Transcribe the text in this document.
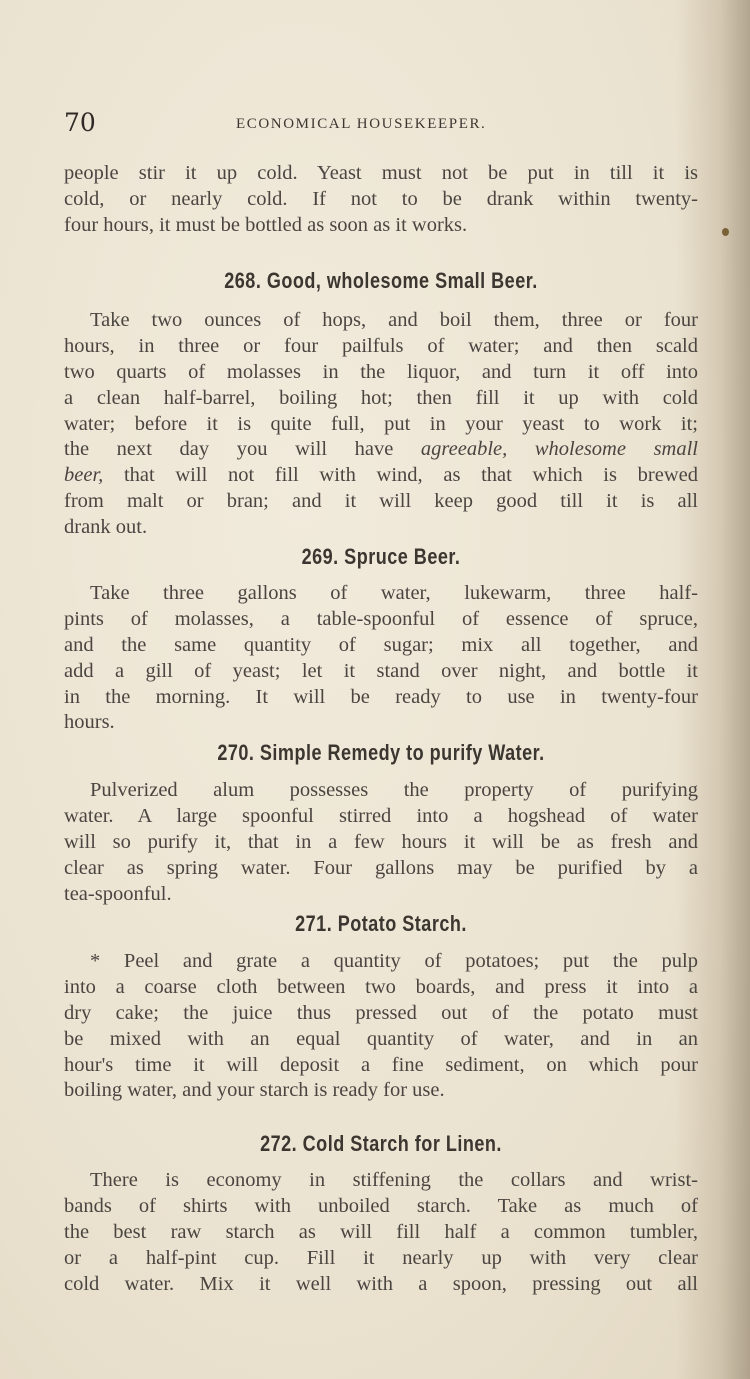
70	ECONOMICAL HOUSEKEEPER.
people stir it up cold. Yeast must not be put in till it is
cold, or nearly cold. If not to be drank within twenty-
four hours, it must be bottled as soon as it works.
268. Good, wholesome Small Beer.
Take two ounces of hops, and boil them, three or four
hours, in three or four pailfuls of water; and then scald
two quarts of molasses in the liquor, and turn it off into
a clean half-barrel, boiling hot; then fill it up with cold
water; before it is quite full, put in your yeast to work it;
the next day you will have agreeable, wholesome small
beer, that will not fill with wind, as that which is brewed
from malt or bran; and it will keep good till it is all
drank out.
269. Spruce Beer.
Take three gallons of water, lukewarm, three half-
pints of molasses, a table-spoonful of essence of spruce,
and the same quantity of sugar; mix all together, and
add a gill of yeast; let it stand over night, and bottle it
in the morning. It will be ready to use in twenty-four
hours.
270. Simple Remedy to purify Water.
Pulverized alum possesses the property of purifying
water. A large spoonful stirred into a hogshead of water
will so purify it, that in a few hours it will be as fresh and
clear as spring water. Four gallons may be purified by a
tea-spoonful.
271. Potato Starch.
* Peel and grate a quantity of potatoes; put the pulp
into a coarse cloth between two boards, and press it into a
dry cake; the juice thus pressed out of the potato must
be mixed with an equal quantity of water, and in an
hour's time it will deposit a fine sediment, on which pour
boiling water, and your starch is ready for use.
272. Cold Starch for Linen.
There is economy in stiffening the collars and wrist-
bands of shirts with unboiled starch. Take as much of
the best raw starch as will fill half a common tumbler,
or a half-pint cup. Fill it nearly up with very clear
cold water. Mix it well with a spoon, pressing out all
